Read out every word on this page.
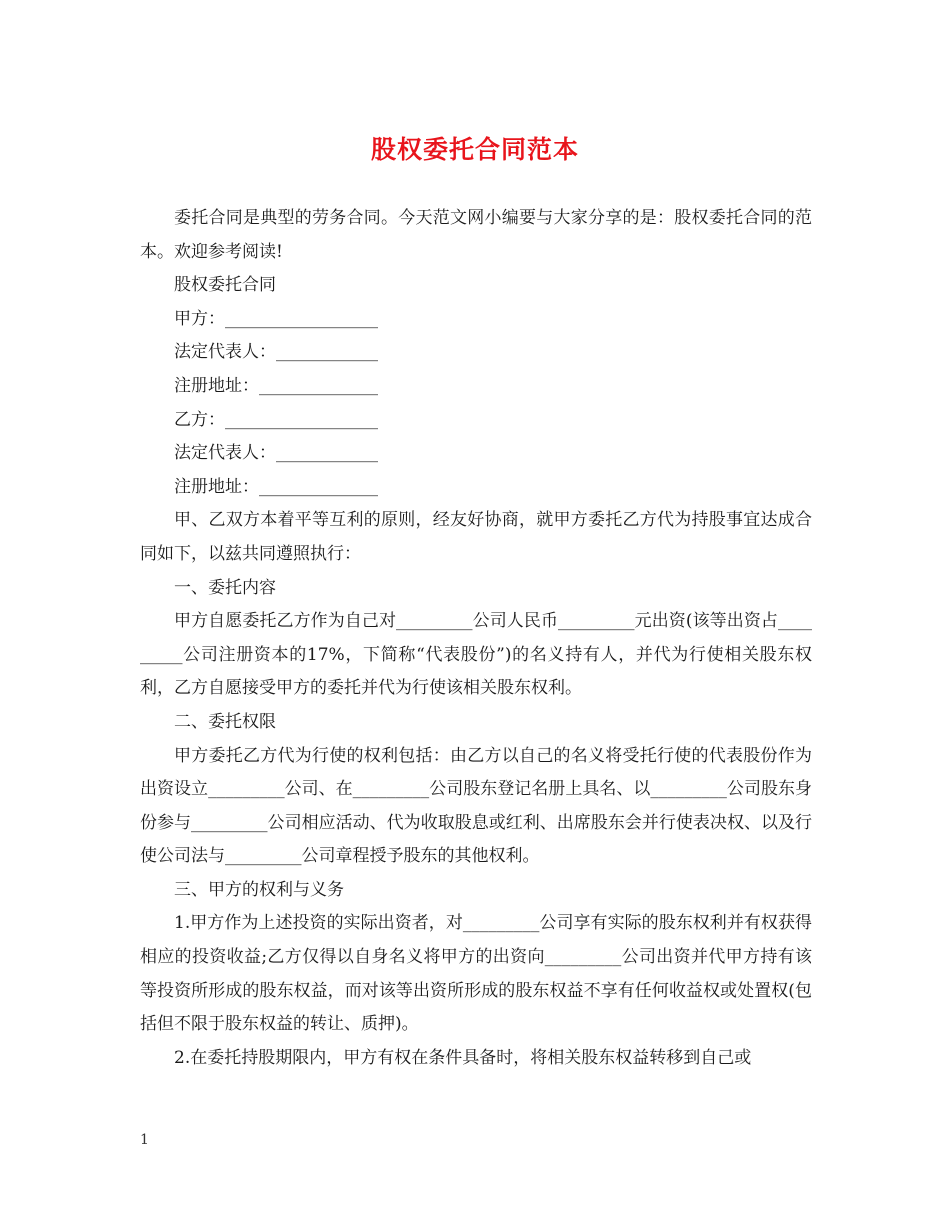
股权委托合同范本

委托合同是典型的劳务合同。今天范文网小编要与大家分享的是：股权委托合同的范本。欢迎参考阅读!

股权委托合同

甲方：__________________

法定代表人：____________

注册地址：______________

乙方：__________________

法定代表人：____________

注册地址：______________

甲、乙双方本着平等互利的原则，经友好协商，就甲方委托乙方代为持股事宜达成合同如下，以兹共同遵照执行：

一、委托内容

甲方自愿委托乙方作为自己对_________公司人民币_________元出资(该等出资占_________公司注册资本的17%，下简称“代表股份”)的名义持有人，并代为行使相关股东权利，乙方自愿接受甲方的委托并代为行使该相关股东权利。

二、委托权限

甲方委托乙方代为行使的权利包括：由乙方以自己的名义将受托行使的代表股份作为出资设立_________公司、在_________公司股东登记名册上具名、以_________公司股东身份参与_________公司相应活动、代为收取股息或红利、出席股东会并行使表决权、以及行使公司法与_________公司章程授予股东的其他权利。

三、甲方的权利与义务

1.甲方作为上述投资的实际出资者，对_________公司享有实际的股东权利并有权获得相应的投资收益;乙方仅得以自身名义将甲方的出资向_________公司出资并代甲方持有该等投资所形成的股东权益，而对该等出资所形成的股东权益不享有任何收益权或处置权(包括但不限于股东权益的转让、质押)。

2.在委托持股期限内，甲方有权在条件具备时，将相关股东权益转移到自己或

1
